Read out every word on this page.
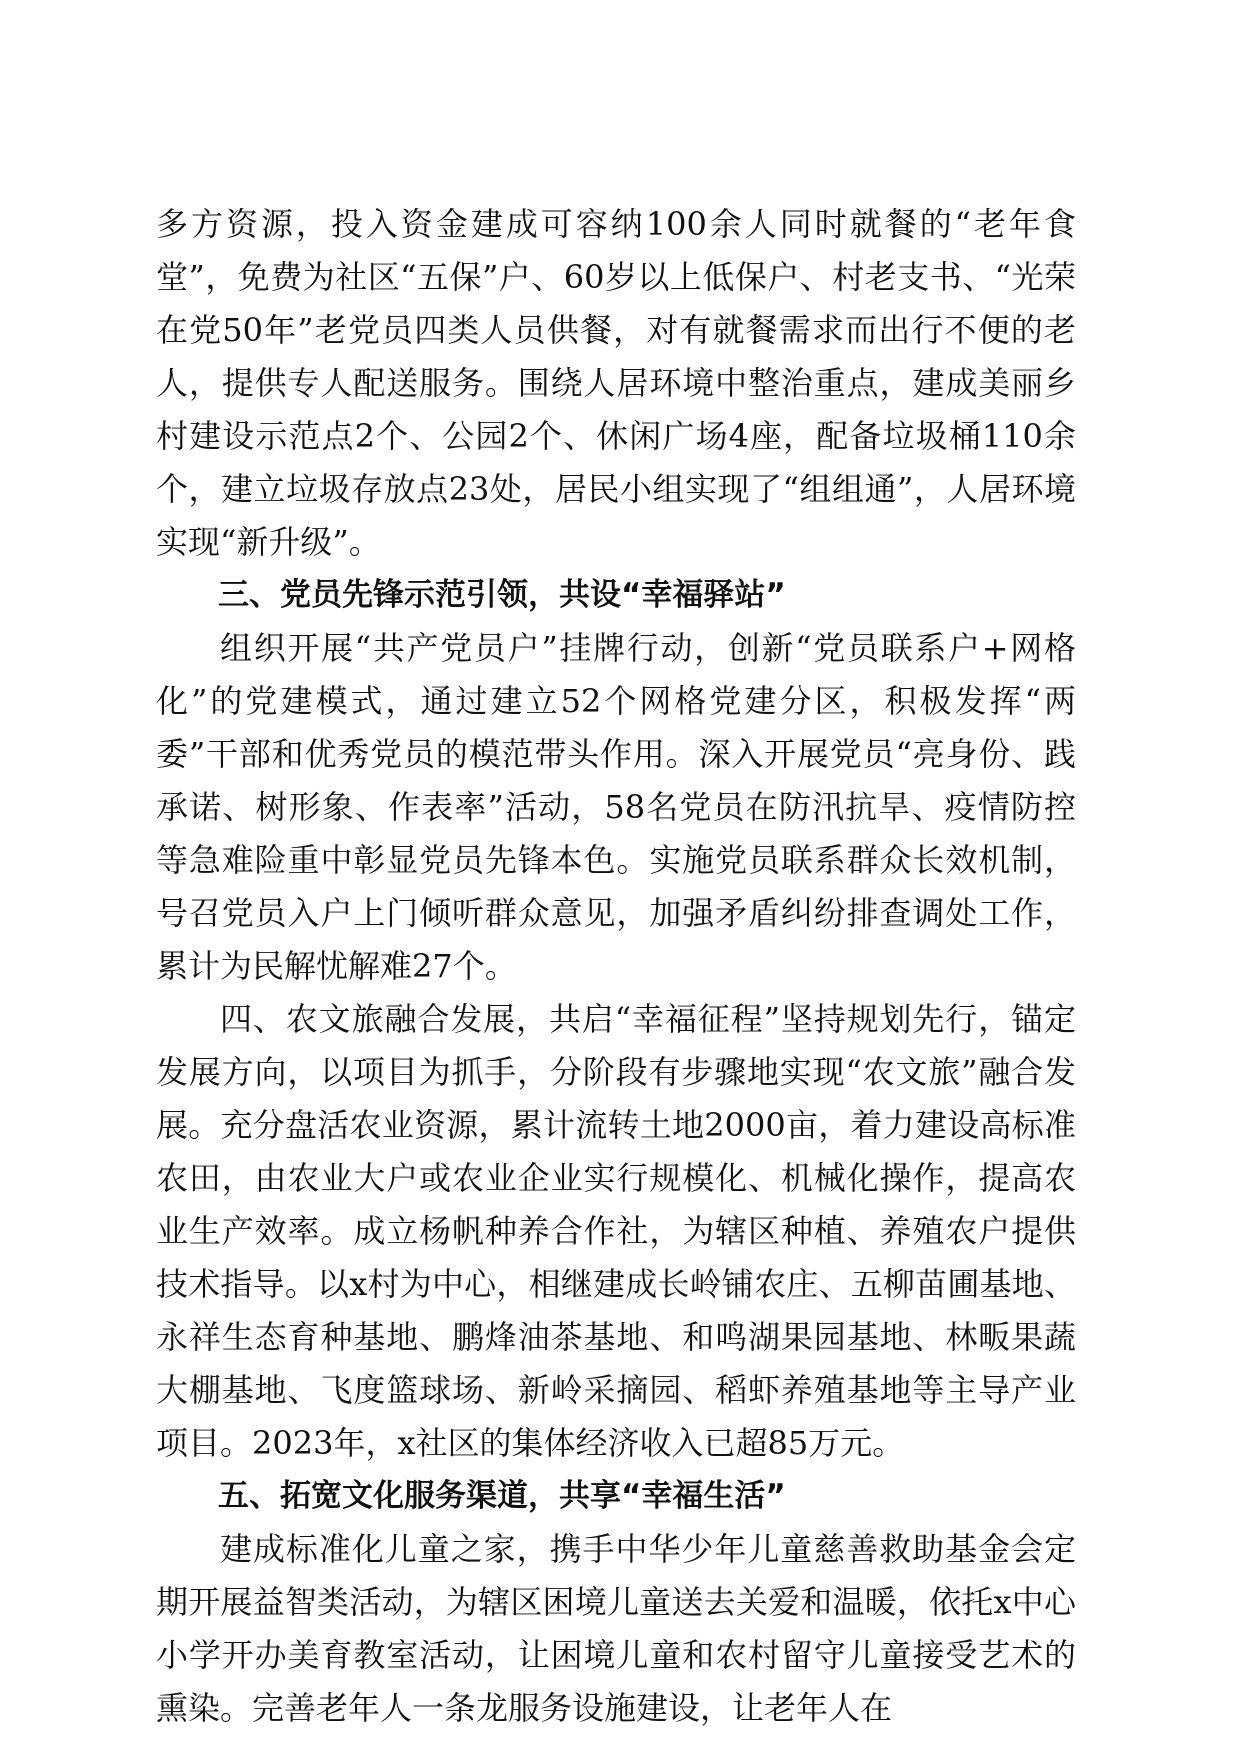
多方资源，投入资金建成可容纳100余人同时就餐的“老年食堂”，免费为社区“五保”户、60岁以上低保户、村老支书、“光荣在党50年”老党员四类人员供餐，对有就餐需求而出行不便的老人，提供专人配送服务。围绕人居环境中整治重点，建成美丽乡村建设示范点2个、公园2个、休闲广场4座，配备垃圾桶110余个，建立垃圾存放点23处，居民小组实现了“组组通”，人居环境实现“新升级”。

三、党员先锋示范引领，共设“幸福驿站”

组织开展“共产党员户”挂牌行动，创新“党员联系户+网格化”的党建模式，通过建立52个网格党建分区，积极发挥“两委”干部和优秀党员的模范带头作用。深入开展党员“亮身份、践承诺、树形象、作表率”活动，58名党员在防汛抗旱、疫情防控等急难险重中彰显党员先锋本色。实施党员联系群众长效机制，号召党员入户上门倾听群众意见，加强矛盾纠纷排查调处工作，累计为民解忧解难27个。

四、农文旅融合发展，共启“幸福征程”坚持规划先行，锚定发展方向，以项目为抓手，分阶段有步骤地实现“农文旅”融合发展。充分盘活农业资源，累计流转土地2000亩，着力建设高标准农田，由农业大户或农业企业实行规模化、机械化操作，提高农业生产效率。成立杨帆种养合作社，为辖区种植、养殖农户提供技术指导。以x村为中心，相继建成长岭铺农庄、五柳苗圃基地、永祥生态育种基地、鹏烽油茶基地、和鸣湖果园基地、林畈果蔬大棚基地、飞度篮球场、新岭采摘园、稻虾养殖基地等主导产业项目。2023年，x社区的集体经济收入已超85万元。

五、拓宽文化服务渠道，共享“幸福生活”

建成标准化儿童之家，携手中华少年儿童慈善救助基金会定期开展益智类活动，为辖区困境儿童送去关爱和温暖，依托x中心小学开办美育教室活动，让困境儿童和农村留守儿童接受艺术的熏染。完善老年人一条龙服务设施建设，让老年人在
